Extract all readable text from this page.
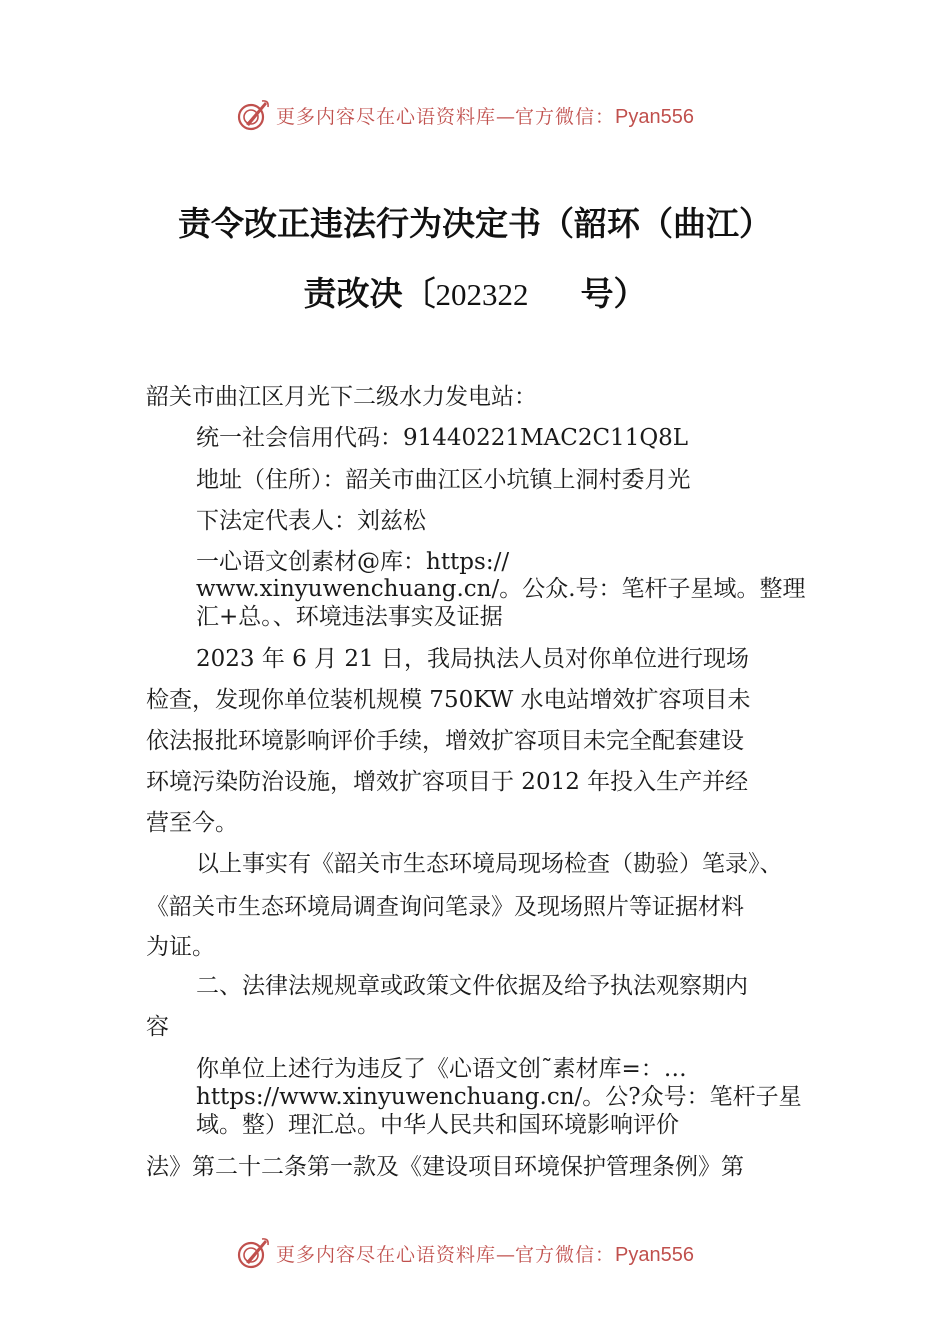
更多内容尽在心语资料库—官方微信：Pyan556
责令改正违法行为决定书（韶环（曲江）
责改决〔202322 号）
韶关市曲江区月光下二级水力发电站：
统一社会信用代码：91440221MAC2C11Q8L
地址（住所）：韶关市曲江区小坑镇上洞村委月光
下法定代表人：刘兹松
一心语文创素材@库：https://
www.xinyuwenchuang.cn/。公众.号：笔杆子星域。整理
汇+总。、环境违法事实及证据
2023 年 6 月 21 日，我局执法人员对你单位进行现场
检查，发现你单位装机规模 750KW 水电站增效扩容项目未
依法报批环境影响评价手续，增效扩容项目未完全配套建设
环境污染防治设施，增效扩容项目于 2012 年投入生产并经
营至今。
以上事实有《韶关市生态环境局现场检查（勘验）笔录》、
《韶关市生态环境局调查询问笔录》及现场照片等证据材料
为证。
二、法律法规规章或政策文件依据及给予执法观察期内
容
你单位上述行为违反了《心语文创˜素材库=：…
https://www.xinyuwenchuang.cn/。公?众号：笔杆子星
域。整）理汇总。中华人民共和国环境影响评价
法》第二十二条第一款及《建设项目环境保护管理条例》第
更多内容尽在心语资料库—官方微信：Pyan556
